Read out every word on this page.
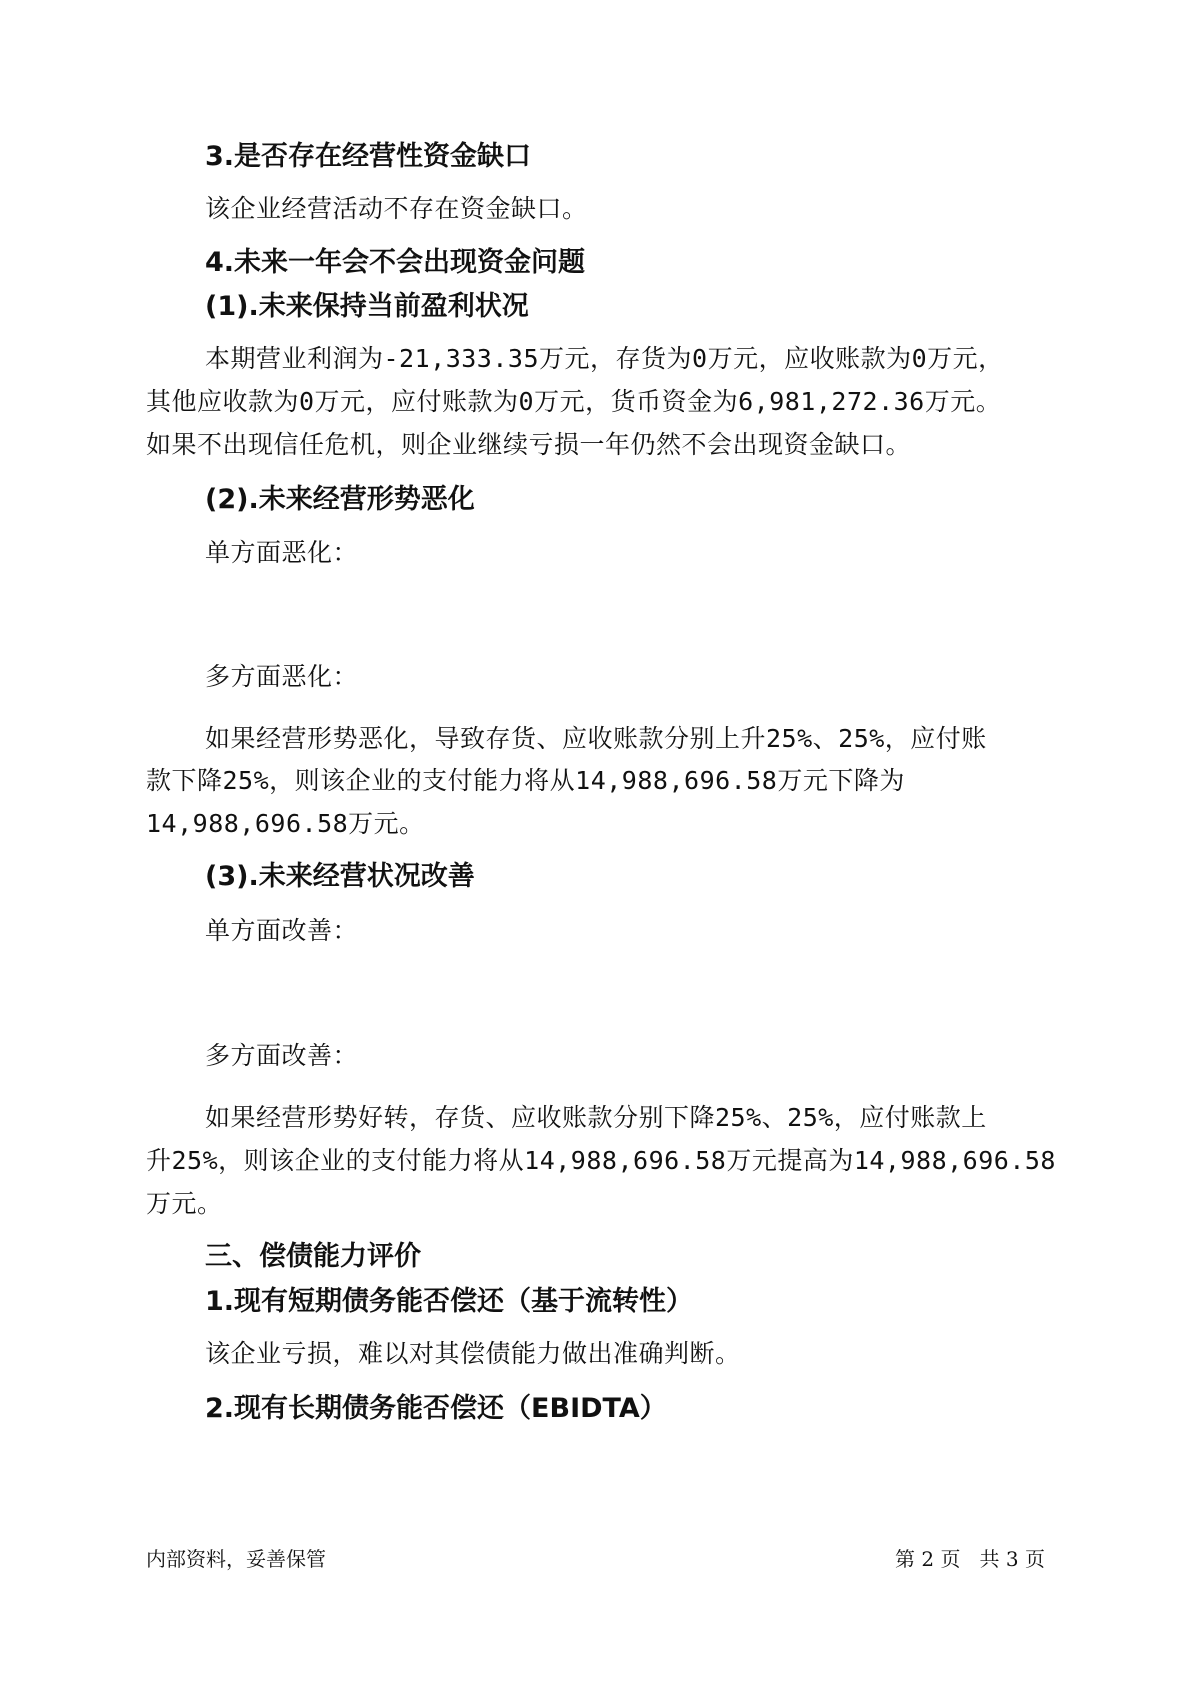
3.是否存在经营性资金缺口
该企业经营活动不存在资金缺口。
4.未来一年会不会出现资金问题
(1).未来保持当前盈利状况
本期营业利润为-21,333.35万元，存货为0万元，应收账款为0万元，
其他应收款为0万元，应付账款为0万元，货币资金为6,981,272.36万元。
如果不出现信任危机，则企业继续亏损一年仍然不会出现资金缺口。
(2).未来经营形势恶化
单方面恶化：
多方面恶化：
如果经营形势恶化，导致存货、应收账款分别上升25%、25%，应付账
款下降25%，则该企业的支付能力将从14,988,696.58万元下降为
14,988,696.58万元。
(3).未来经营状况改善
单方面改善：
多方面改善：
如果经营形势好转，存货、应收账款分别下降25%、25%，应付账款上
升25%，则该企业的支付能力将从14,988,696.58万元提高为14,988,696.58
万元。
三、偿债能力评价
1.现有短期债务能否偿还（基于流转性）
该企业亏损，难以对其偿债能力做出准确判断。
2.现有长期债务能否偿还（EBIDTA）
内部资料，妥善保管	第 2 页   共 3 页
